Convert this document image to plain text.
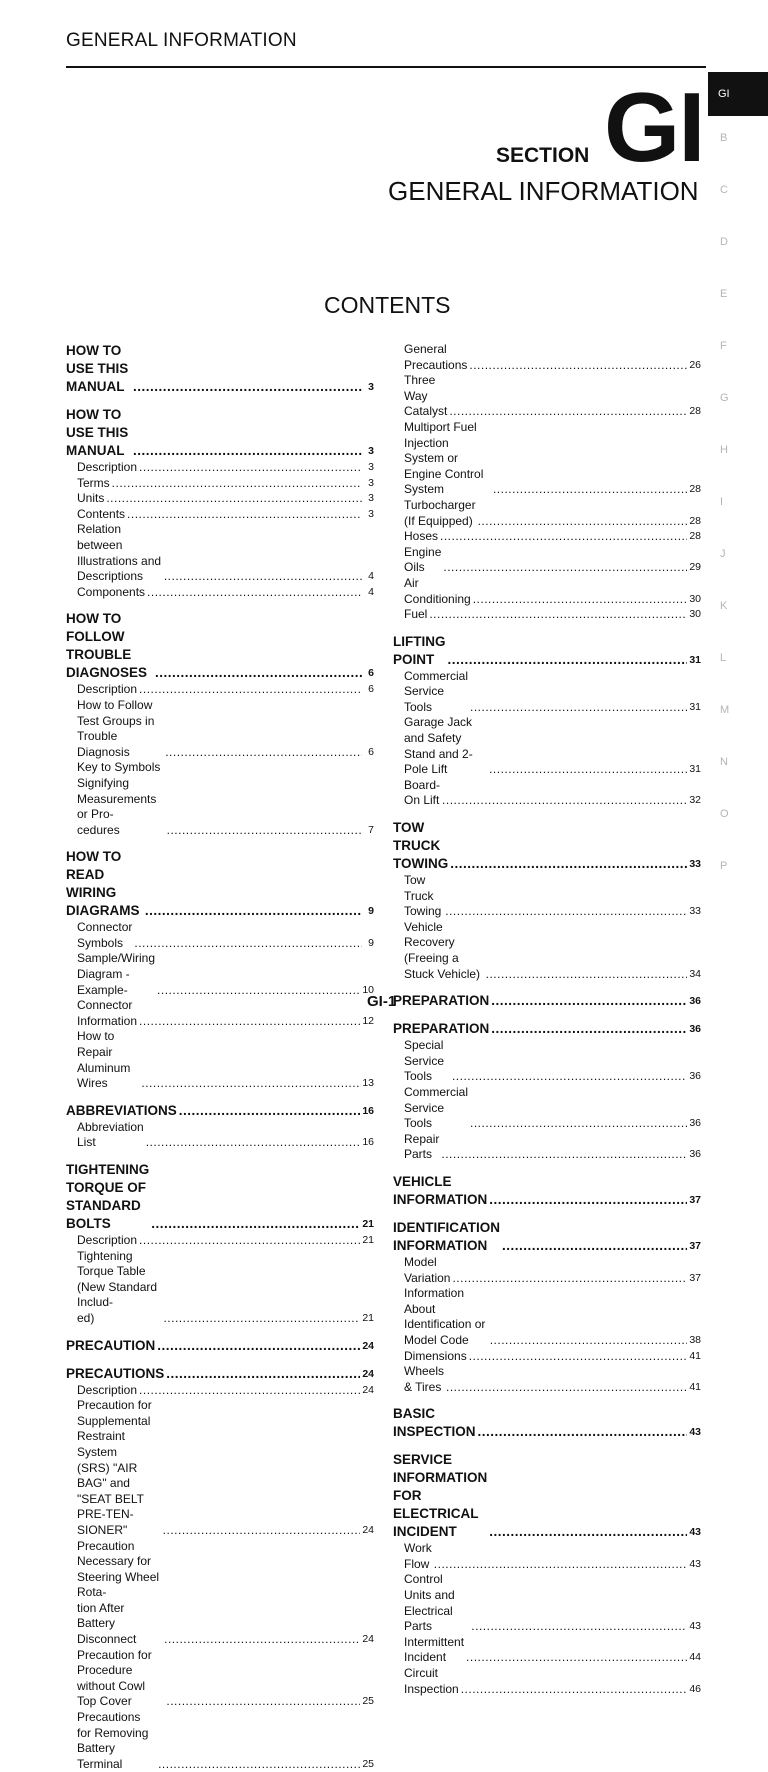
GENERAL INFORMATION
GI
B
C
D
E
F
G
H
I
J
K
L
M
N
O
P
SECTION GI
GENERAL INFORMATION
CONTENTS
HOW TO USE THIS MANUAL .....	3
HOW TO USE THIS MANUAL .....	3
Description .....	3
Terms .....	3
Units .....	3
Contents .....	3
Relation between Illustrations and Descriptions .....	4
Components .....	4
HOW TO FOLLOW TROUBLE DIAGNOSES .....	6
Description .....	6
How to Follow Test Groups in Trouble Diagnosis .....	6
Key to Symbols Signifying Measurements or Pro-
cedures .....	7
HOW TO READ WIRING DIAGRAMS .....	9
Connector Symbols .....	9
Sample/Wiring Diagram -Example- .....	10
Connector Information .....	12
How to Repair Aluminum Wires .....	13
ABBREVIATIONS .....	16
Abbreviation List .....	16
TIGHTENING TORQUE OF STANDARD
BOLTS .....	21
Description .....	21
Tightening Torque Table (New Standard Includ-
ed) .....	21
PRECAUTION .....	24
PRECAUTIONS .....	24
Description .....	24
Precaution for Supplemental Restraint System
(SRS) "AIR BAG" and "SEAT BELT PRE-TEN-
SIONER" .....	24
Precaution Necessary for Steering Wheel Rota-
tion After Battery Disconnect .....	24
Precaution for Procedure without Cowl Top Cover .....	25
Precautions for Removing Battery Terminal .....	25
General Precautions .....	26
Three Way Catalyst .....	28
Multiport Fuel Injection System or Engine Control
System .....	28
Turbocharger (If Equipped) .....	28
Hoses .....	28
Engine Oils .....	29
Air Conditioning .....	30
Fuel .....	30
LIFTING POINT .....	31
Commercial Service Tools .....	31
Garage Jack and Safety Stand and 2-Pole Lift .....	31
Board-On Lift .....	32
TOW TRUCK TOWING .....	33
Tow Truck Towing .....	33
Vehicle Recovery (Freeing a Stuck Vehicle) .....	34
PREPARATION .....	36
PREPARATION .....	36
Special Service Tools .....	36
Commercial Service Tools .....	36
Repair Parts .....	36
VEHICLE INFORMATION .....	37
IDENTIFICATION INFORMATION .....	37
Model Variation .....	37
Information About Identification or Model Code .....	38
Dimensions .....	41
Wheels & Tires .....	41
BASIC INSPECTION .....	43
SERVICE INFORMATION FOR ELECTRICAL
INCIDENT .....	43
Work Flow .....	43
Control Units and Electrical Parts .....	43
Intermittent Incident .....	44
Circuit Inspection .....	46
GI-1
